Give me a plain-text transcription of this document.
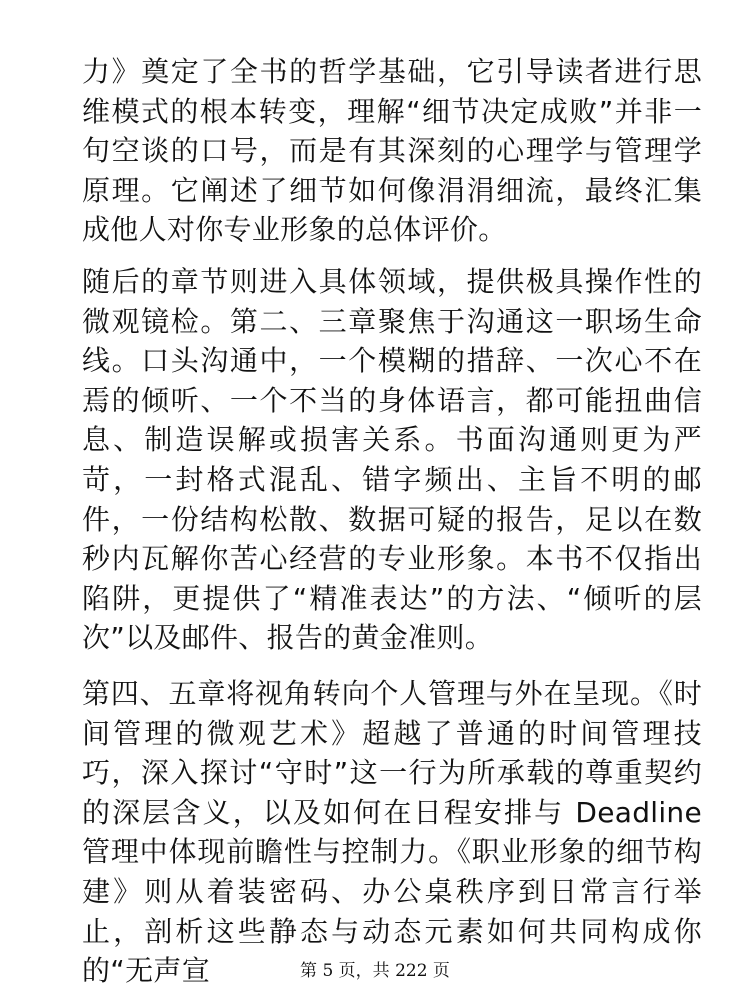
力》奠定了全书的哲学基础，它引导读者进行思维模式的根本转变，理解“细节决定成败”并非一句空谈的口号，而是有其深刻的心理学与管理学原理。它阐述了细节如何像涓涓细流，最终汇集成他人对你专业形象的总体评价。

随后的章节则进入具体领域，提供极具操作性的微观镜检。第二、三章聚焦于沟通这一职场生命线。口头沟通中，一个模糊的措辞、一次心不在焉的倾听、一个不当的身体语言，都可能扭曲信息、制造误解或损害关系。书面沟通则更为严苛，一封格式混乱、错字频出、主旨不明的邮件，一份结构松散、数据可疑的报告，足以在数秒内瓦解你苦心经营的专业形象。本书不仅指出陷阱，更提供了“精准表达”的方法、“倾听的层次”以及邮件、报告的黄金准则。

第四、五章将视角转向个人管理与外在呈现。《时间管理的微观艺术》超越了普通的时间管理技巧，深入探讨“守时”这一行为所承载的尊重契约的深层含义，以及如何在日程安排与 Deadline 管理中体现前瞻性与控制力。《职业形象的细节构建》则从着装密码、办公桌秩序到日常言行举止，剖析这些静态与动态元素如何共同构成你的“无声宣	第 5 页，共 222 页
